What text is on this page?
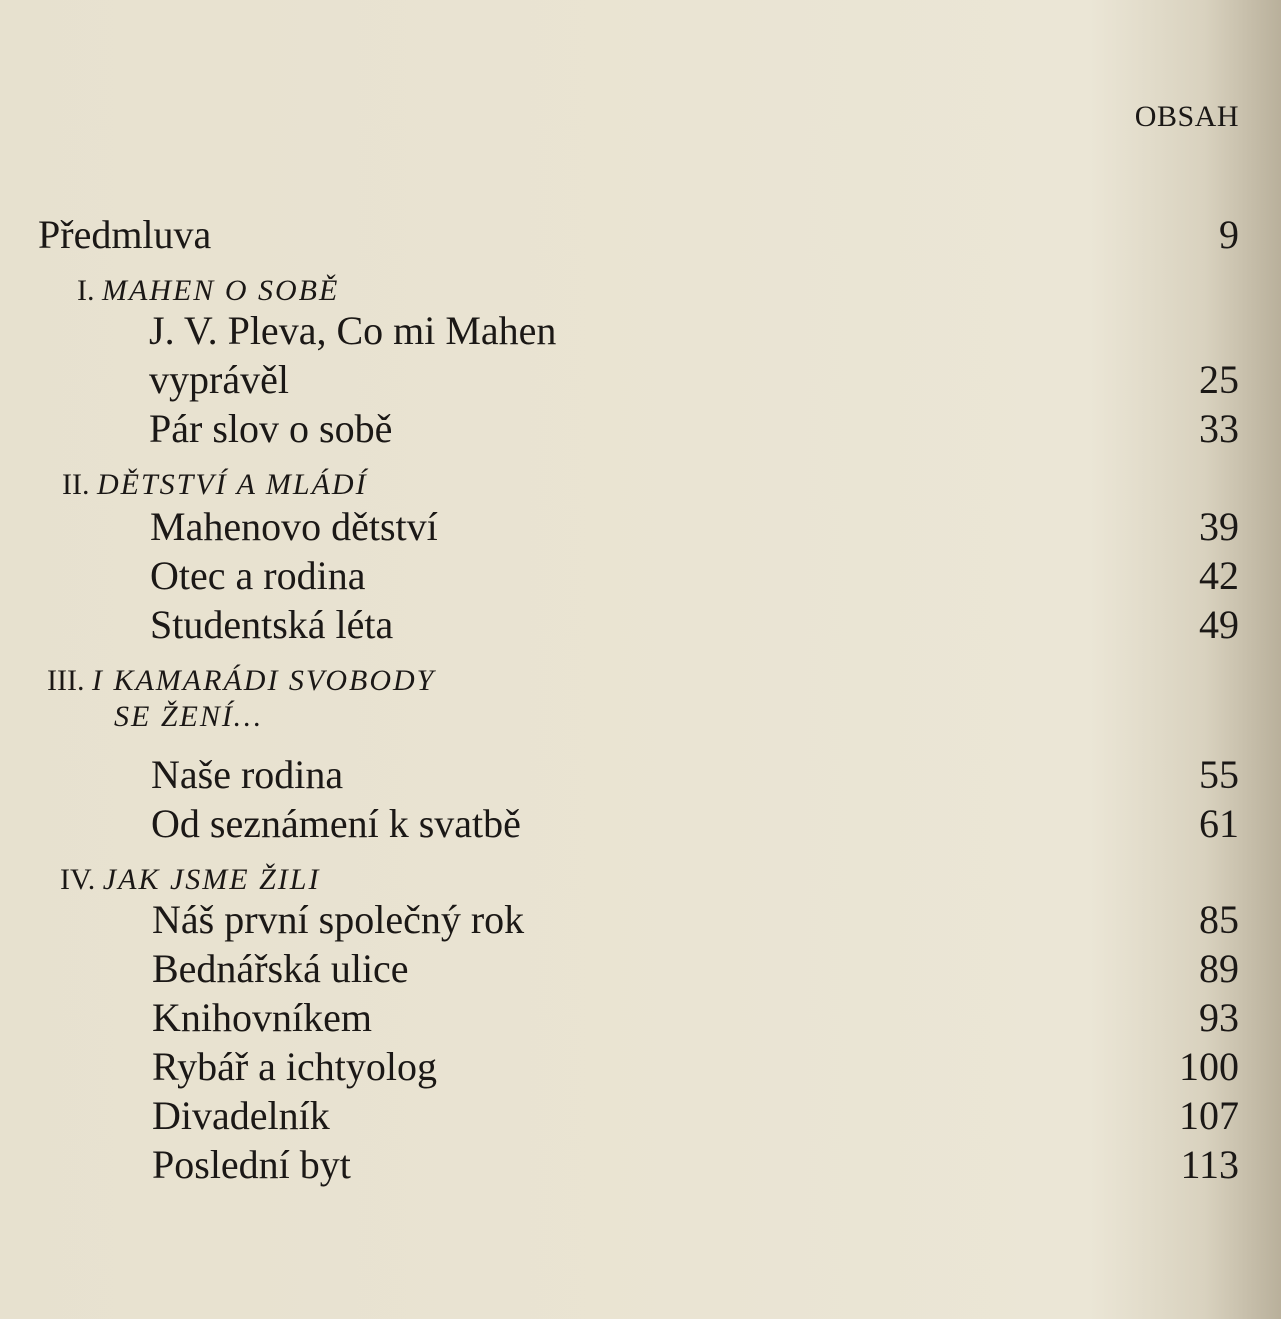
OBSAH
Předmluva	9
I. MAHEN O SOBĚ
J. V. Pleva, Co mi Mahen
vyprávěl	25
Pár slov o sobě	33
II. DĚTSTVÍ A MLÁDÍ
Mahenovo dětství	39
Otec a rodina	42
Studentská léta	49
III. I KAMARÁDI SVOBODY
SE ŽENÍ…
Naše rodina	55
Od seznámení k svatbě	61
IV. JAK JSME ŽILI
Náš první společný rok	85
Bednářská ulice	89
Knihovníkem	93
Rybář a ichtyolog	100
Divadelník	107
Poslední byt	113
